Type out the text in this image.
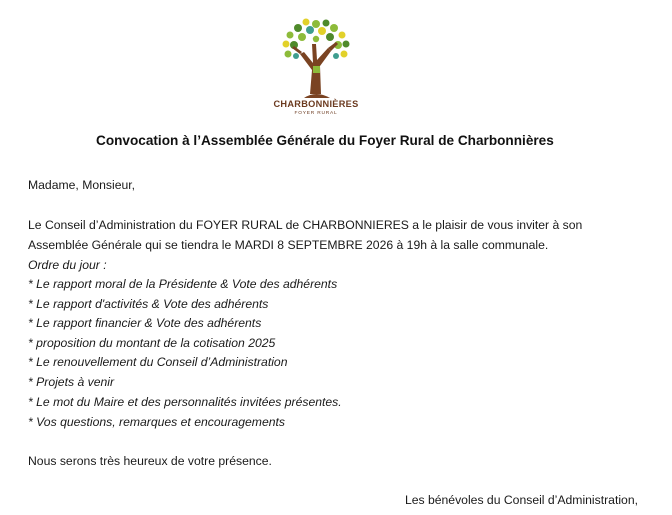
CHARBONNIÈRES
FOYER RURAL
Convocation à l’Assemblée Générale du Foyer Rural de Charbonnières
Madame, Monsieur,
Le Conseil d’Administration du FOYER RURAL de CHARBONNIERES a le plaisir de vous inviter à son
Assemblée Générale qui se tiendra le MARDI 8 SEPTEMBRE 2026 à 19h à la salle communale.
Ordre du jour :
* Le rapport moral de la Présidente & Vote des adhérents
* Le rapport d'activités & Vote des adhérents
* Le rapport financier & Vote des adhérents
* proposition du montant de la cotisation 2025
* Le renouvellement du Conseil d’Administration
* Projets à venir
* Le mot du Maire et des personnalités invitées présentes.
* Vos questions, remarques et encouragements
Nous serons très heureux de votre présence.
Les bénévoles du Conseil d’Administration,
